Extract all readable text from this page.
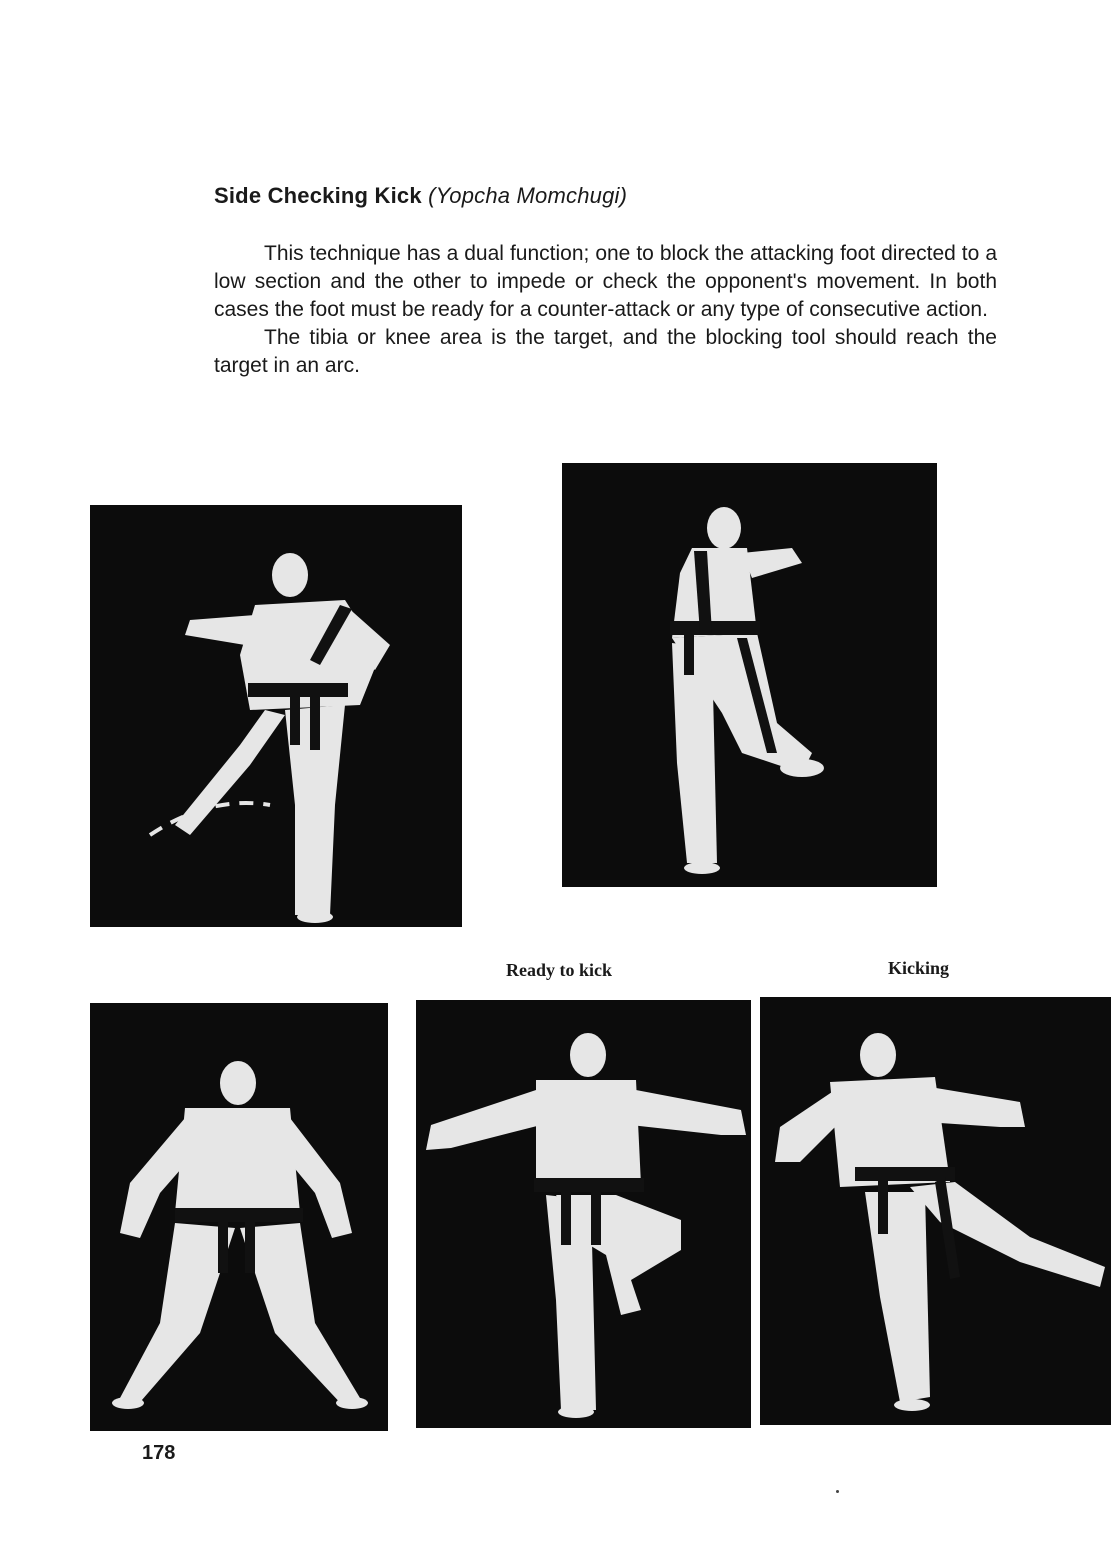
Side Checking Kick (Yopcha Momchugi)

This technique has a dual function; one to block the attacking foot directed to a low section and the other to impede or check the opponent's movement. In both cases the foot must be ready for a counter-attack or any type of consecutive action.

The tibia or knee area is the target, and the blocking tool should reach the target in an arc.

Ready to kick	Kicking
178
